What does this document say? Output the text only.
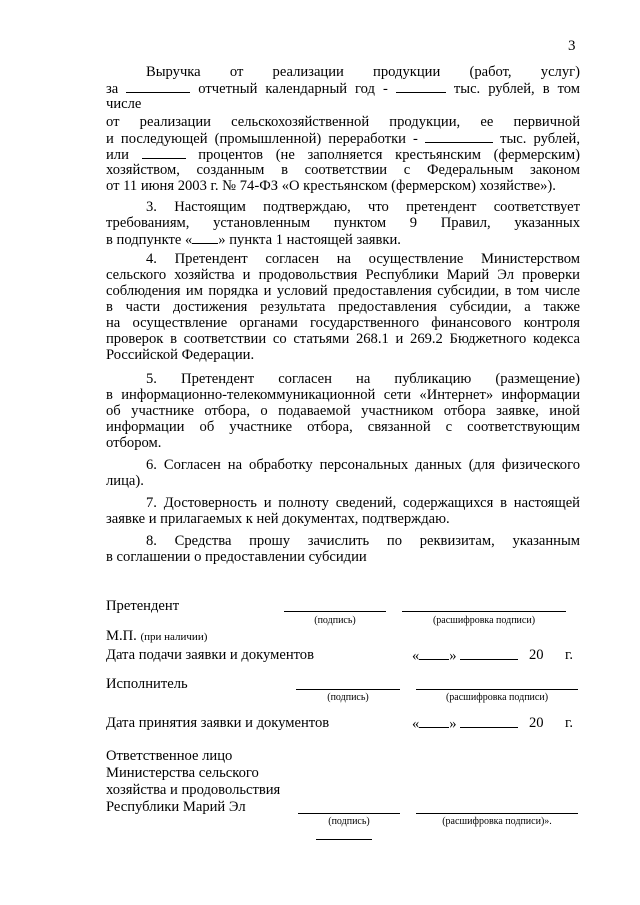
3
Выручка от реализации продукции (работ, услуг)
за	отчетный календарный год -	тыс. рублей, в том
числе
от реализации сельскохозяйственной продукции, ее первичной
и последующей (промышленной) переработки -	тыс. рублей,
или	процентов (не заполняется крестьянским (фермерским)
хозяйством, созданным в соответствии с Федеральным законом
от 11 июня 2003 г. № 74-ФЗ «О крестьянском (фермерском) хозяйстве»).
3. Настоящим подтверждаю, что претендент соответствует
требованиям, установленным пунктом 9 Правил, указанных
в подпункте « » пункта 1 настоящей заявки.
4. Претендент согласен на осуществление Министерством
сельского хозяйства и продовольствия Республики Марий Эл проверки
соблюдения им порядка и условий предоставления субсидии, в том числе
в части достижения результата предоставления субсидии, а также
на осуществление органами государственного финансового контроля
проверок в соответствии со статьями 268.1 и 269.2 Бюджетного кодекса
Российской Федерации.
5. Претендент согласен на публикацию (размещение)
в информационно-телекоммуникационной сети «Интернет» информации
об участнике отбора, о подаваемой участником отбора заявке, иной
информации об участнике отбора, связанной с соответствующим
отбором.
6. Согласен на обработку персональных данных (для физического
лица).
7. Достоверность и полноту сведений, содержащихся в настоящей
заявке и прилагаемых к ней документах, подтверждаю.
8. Средства прошу зачислить по реквизитам, указанным
в соглашении о предоставлении субсидии
Претендент
(подпись)	(расшифровка подписи)
М.П. (при наличии)
Дата подачи заявки и документов	« »	20 г.
Исполнитель
(подпись)	(расшифровка подписи)
Дата принятия заявки и документов	« »	20 г.
Ответственное лицо
Министерства сельского
хозяйства и продовольствия
Республики Марий Эл
(подпись)	(расшифровка подписи)».
